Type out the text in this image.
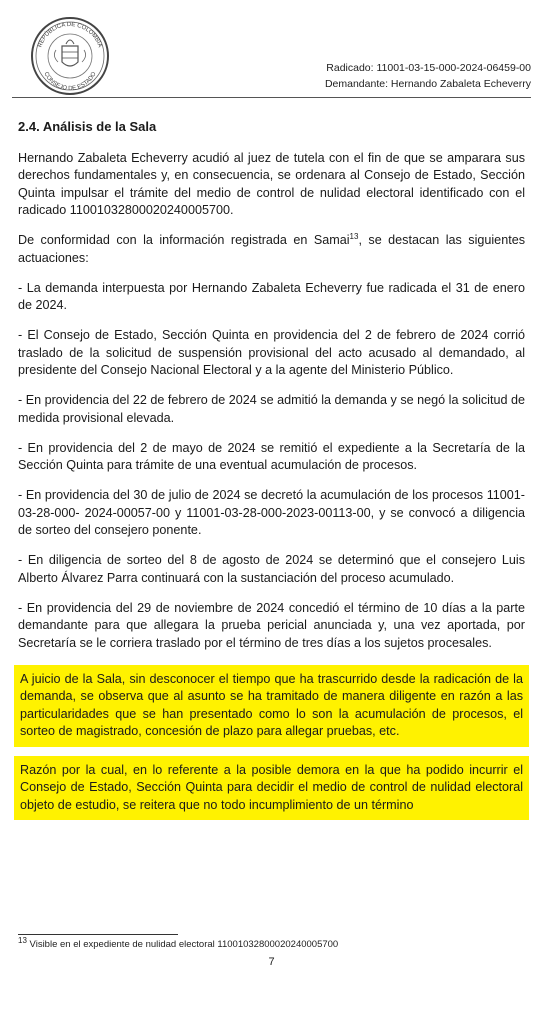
REPÚBLICA DE COLOMBIA
CONSEJO DE ESTADO
Radicado: 11001-03-15-000-2024-06459-00
Demandante: Hernando Zabaleta Echeverry
2.4. Análisis de la Sala

Hernando Zabaleta Echeverry acudió al juez de tutela con el fin de que se amparara sus derechos fundamentales y, en consecuencia, se ordenara al Consejo de Estado, Sección Quinta impulsar el trámite del medio de control de nulidad electoral identificado con el radicado 11001032800020240005700.

De conformidad con la información registrada en Samai$^{13}$, se destacan las siguientes actuaciones:

- La demanda interpuesta por Hernando Zabaleta Echeverry fue radicada el 31 de enero de 2024.

- El Consejo de Estado, Sección Quinta en providencia del 2 de febrero de 2024 corrió traslado de la solicitud de suspensión provisional del acto acusado al demandado, al presidente del Consejo Nacional Electoral y a la agente del Ministerio Público.

- En providencia del 22 de febrero de 2024 se admitió la demanda y se negó la solicitud de medida provisional elevada.

- En providencia del 2 de mayo de 2024 se remitió el expediente a la Secretaría de la Sección Quinta para trámite de una eventual acumulación de procesos.

- En providencia del 30 de julio de 2024 se decretó la acumulación de los procesos 11001-03-28-000- 2024-00057-00 y 11001-03-28-000-2023-00113-00, y se convocó a diligencia de sorteo del consejero ponente.

- En diligencia de sorteo del 8 de agosto de 2024 se determinó que el consejero Luis Alberto Álvarez Parra continuará con la sustanciación del proceso acumulado.

- En providencia del 29 de noviembre de 2024 concedió el término de 10 días a la parte demandante para que allegara la prueba pericial anunciada y, una vez aportada, por Secretaría se le corriera traslado por el término de tres días a los sujetos procesales.

A juicio de la Sala, sin desconocer el tiempo que ha trascurrido desde la radicación de la demanda, se observa que al asunto se ha tramitado de manera diligente en razón a las particularidades que se han presentado como lo son la acumulación de procesos, el sorteo de magistrado, concesión de plazo para allegar pruebas, etc.

Razón por la cual, en lo referente a la posible demora en la que ha podido incurrir el Consejo de Estado, Sección Quinta para decidir el medio de control de nulidad electoral objeto de estudio, se reitera que no todo incumplimiento de un término

$^{13}$ Visible en el expediente de nulidad electoral 11001032800020240005700
7
